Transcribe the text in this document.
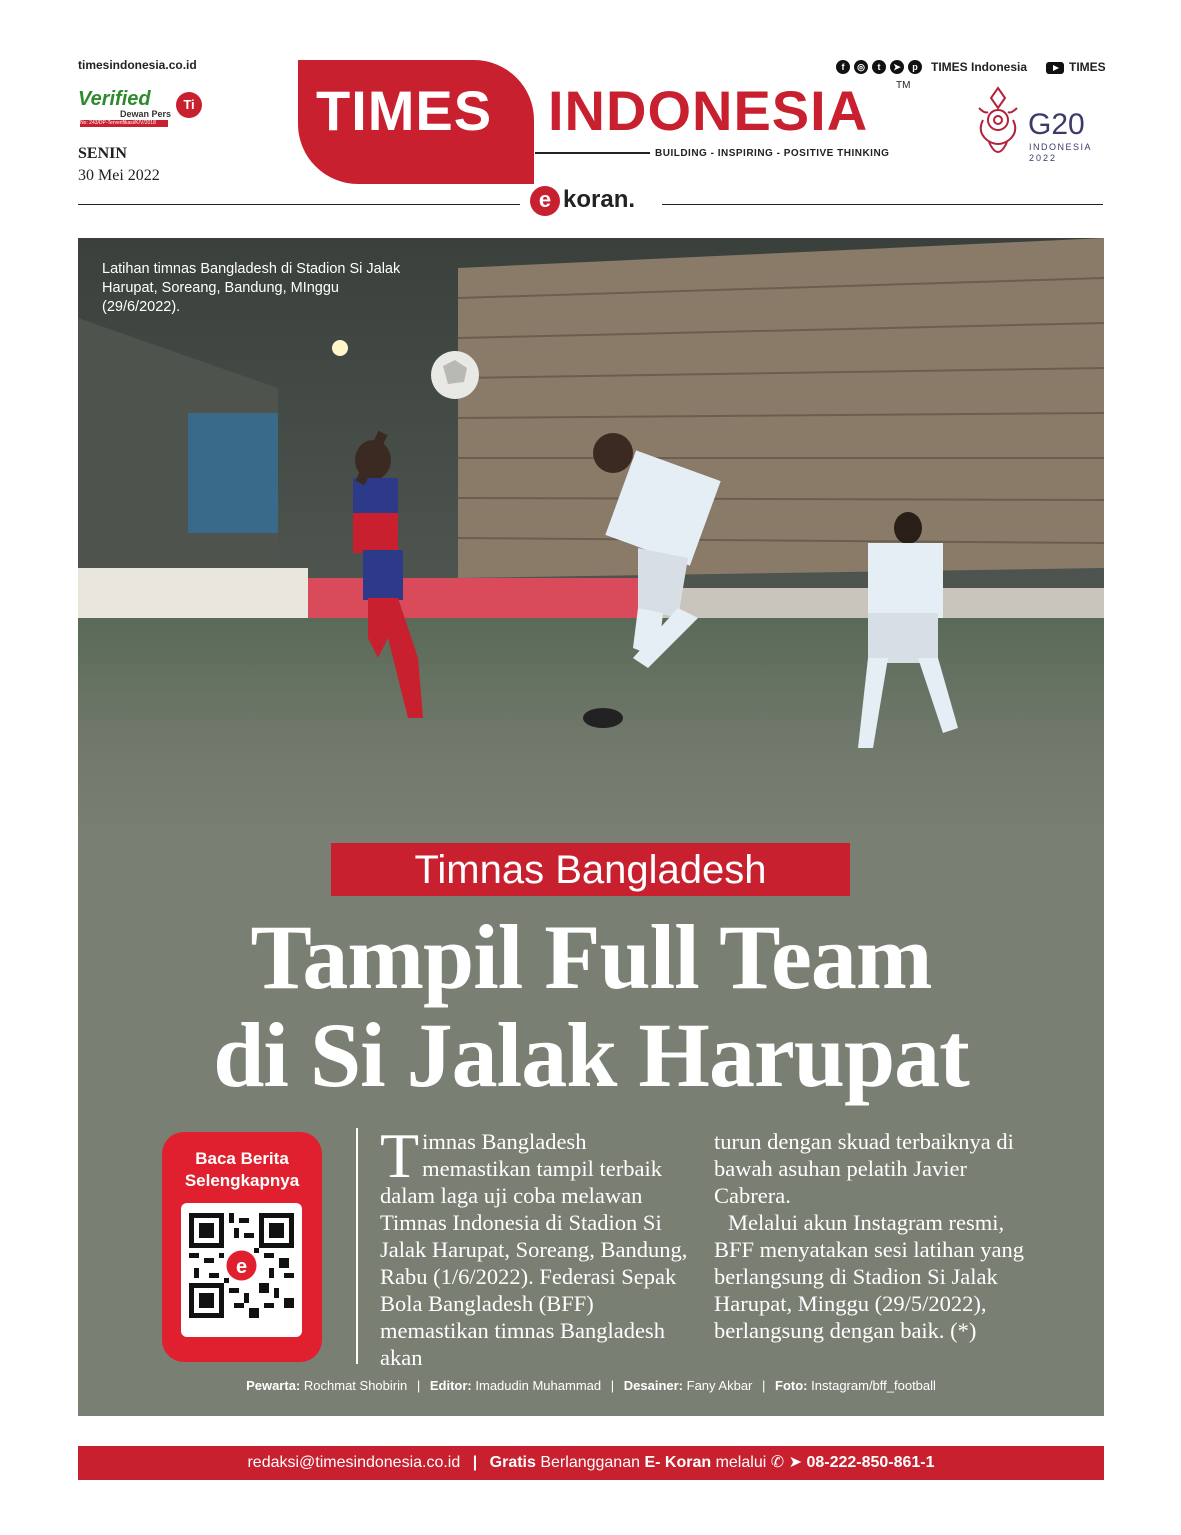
timesindonesia.co.id
Verified
Dewan Pers
No: 243/DP-Terverifikasi/K/V/2018
Ti
SENIN
30 Mei 2022
TIMES INDONESIA	TM
BUILDING - INSPIRING - POSITIVE THINKING
f	◎	t	➤	p	TIMES Indonesia	TIMES
G20
INDONESIA
2022
e koran.
Latihan timnas Bangladesh di Stadion Si Jalak Harupat, Soreang, Bandung, MInggu (29/6/2022).
Timnas Bangladesh
Tampil Full Team
di Si Jalak Harupat
Baca Berita
Selengkapnya
e
Timnas Bangladesh memastikan tampil terbaik dalam laga uji coba melawan Timnas Indonesia di Stadion Si Jalak Harupat, Soreang, Bandung, Rabu (1/6/2022). Federasi Sepak Bola Bangladesh (BFF) memastikan timnas Bangladesh akan
turun dengan skuad terbaiknya di bawah asuhan pelatih Javier Cabrera.
Melalui akun Instagram resmi, BFF menyatakan sesi latihan yang berlangsung di Stadion Si Jalak Harupat, Minggu (29/5/2022), berlangsung dengan baik. (*)
Pewarta: Rochmat Shobirin | Editor: Imadudin Muhammad | Desainer: Fany Akbar | Foto: Instagram/bff_football
redaksi@timesindonesia.co.id | Gratis Berlangganan E- Koran melalui ✆ ➤ 08-222-850-861-1
